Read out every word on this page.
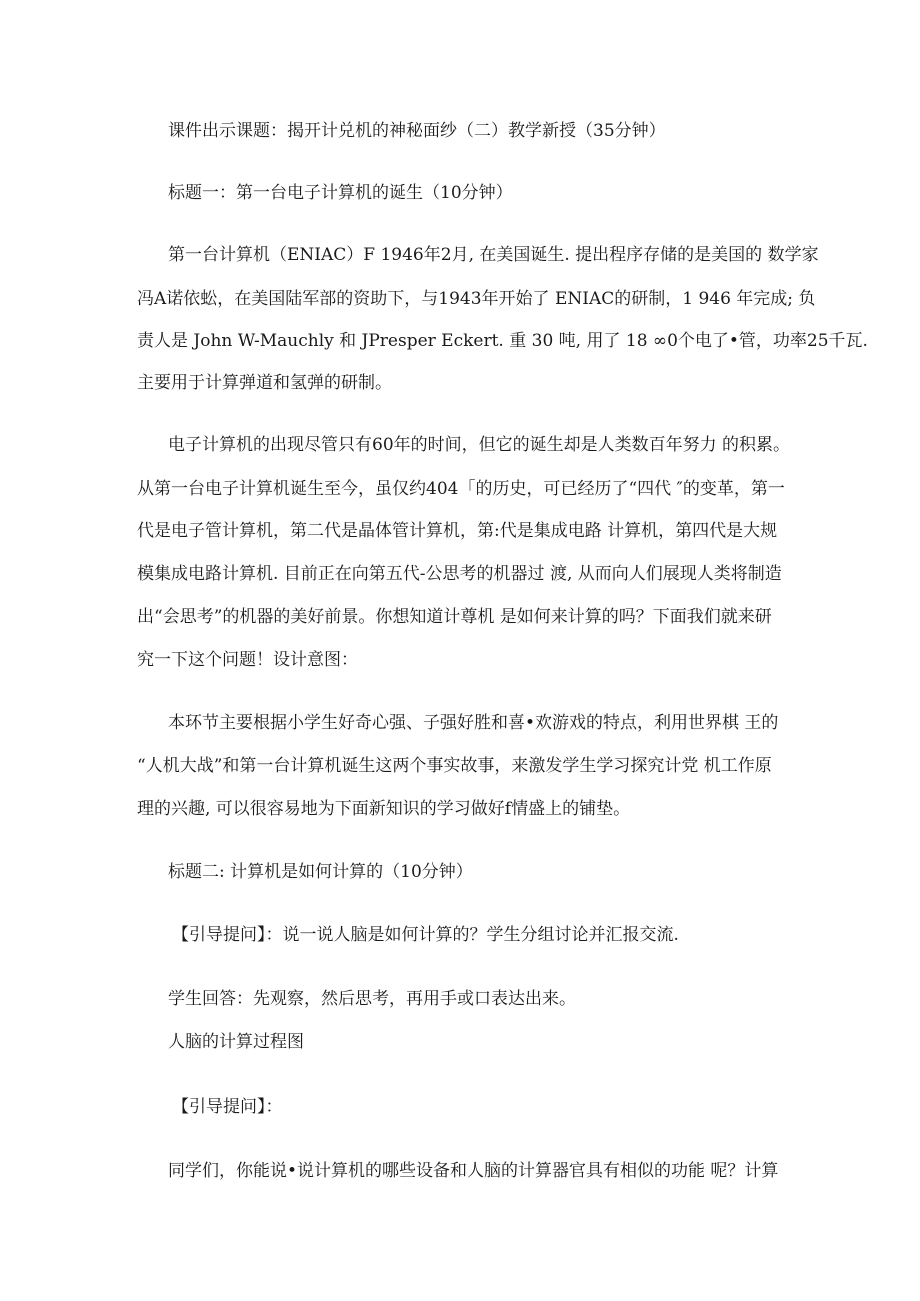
课件出示课题：揭开计兑机的神秘面纱（二）教学新授（35分钟）
标题一：第一台电子计算机的诞生（10分钟）
第一台计算机（ENIAC）F 1946年2月, 在美国诞生. 提出程序存储的是美国的 数学家
冯A诺依蚣，在美国陆军部的资助下，与1943年开始了 ENIAC的研制，1 946 年完成; 负
责人是 John W-Mauchly 和 JPresper Eckert. 重 30 吨, 用了 18 ∞0个电了•管，功率25千瓦.
主要用于计算弹道和氢弹的研制。
电子计算机的出现尽管只有60年的时间，但它的诞生却是人类数百年努力 的积累。
从第一台电子计算机诞生至今，虽仅约404「的历史，可已经历了“四代 ″的变革，第一
代是电子管计算机，第二代是晶体管计算机，第:代是集成电路 计算机，第四代是大规
模集成电路计算机. 目前正在向第五代-公思考的机器过 渡, 从而向人们展现人类将制造
出“会思考”的机器的美好前景。你想知道计尊机 是如何来计算的吗？下面我们就来研
究一下这个问题！设计意图：
本环节主要根据小学生好奇心强、子强好胜和喜•欢游戏的特点，利用世界棋 王的
“人机大战”和第一台计算机诞生这两个事实故事，来激发学生学习探究计党 机工作原
理的兴趣, 可以很容易地为下面新知识的学习做好f情盛上的铺垫。
标题二: 计算机是如何计算的（10分钟）
【引导提问】：说一说人脑是如何计算的？学生分组讨论并汇报交流.
学生回答：先观察，然后思考，再用手或口表达出来。
人脑的计算过程图
【引导提问】：
同学们，你能说•说计算机的哪些设备和人脑的计算器官具有相似的功能 呢？计算
